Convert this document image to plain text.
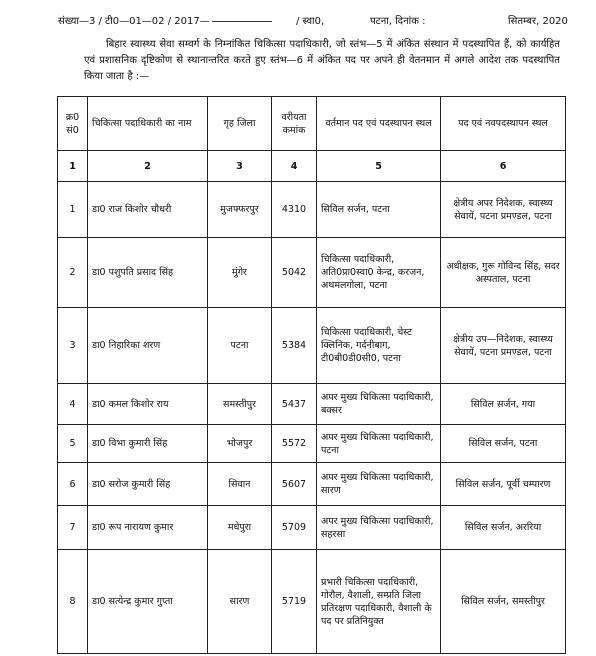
संख्या—3 / टी0—01—02 / 2017—	/ स्वा0,	पटना, दिनांक :	सितम्बर, 2020
बिहार स्वास्थ्य सेवा सम्वर्ग के निम्नांकित चिकित्सा पदाधिकारी, जो स्तंभ—5 में अंकित संस्थान में पदस्थापित हैं, को कार्यहित एवं प्रशासनिक दृष्टिकोण से स्थानान्तरित करते हुए स्तंभ—6 में अंकित पद पर अपने ही वेतनमान में अगले आदेश तक पदस्थापित किया जाता है :—
क्र0 सं0	चिकित्सा पदाधिकारी का नाम	गृह जिला	वरीयता कमांक	वर्तमान पद एवं पदस्थापन स्थल	पद एवं नवपदस्थापन स्थल
1	2	3	4	5	6
1	डा0 राज किशोर चौधरी	मुजफ्फरपुर	4310	सिविल सर्जन, पटना	क्षेत्रीय अपर निदेशक, स्वास्थ्य सेवायें, पटना प्रमण्डल, पटना
2	डा0 पशुपति प्रसाद सिंह	मुंगेर	5042	चिकित्सा पदाधिकारी, अति0प्रा0स्वा0 केन्द्र, करजन, अथमलगोला, पटना	अधीक्षक, गुरू गोविन्द सिंह, सदर अस्पताल, पटना
3	डा0 निहारिका शरण	पटना	5384	चिकित्सा पदाधिकारी, चेस्ट क्लिनिक, गर्दनीबाग, टी0बी0डी0सी0, पटना	क्षेत्रीय उप—निदेशक, स्वास्थ्य सेवायें, पटना प्रमण्डल, पटना
4	डा0 कमल किशोर राय	समस्तीपुर	5437	अपर मुख्य चिकित्सा पदाधिकारी, बक्सर	सिविल सर्जन, गया
5	डा0 विभा कुमारी सिंह	भोजपुर	5572	अपर मुख्य चिकित्सा पदाधिकारी, पटना	सिविल सर्जन, पटना
6	डा0 सरोज कुमारी सिंह	सिवान	5607	अपर मुख्य चिकित्सा पदाधिकारी, सारण	सिविल सर्जन, पूर्वी चम्पारण
7	डा0 रूप नारायण कुमार	मधेपुरा	5709	अपर मुख्य चिकित्सा पदाधिकारी, सहरसा	सिविल सर्जन, अररिया
8	डा0 सत्येन्द्र कुमार गुप्ता	सारण	5719	प्रभारी चिकित्सा पदाधिकारी, गोरौल, वैशाली, सम्प्रति जिला प्रतिरक्षण पदाधिकारी, वैशाली के पद पर प्रतिनियुक्त	सिविल सर्जन, समस्तीपुर
